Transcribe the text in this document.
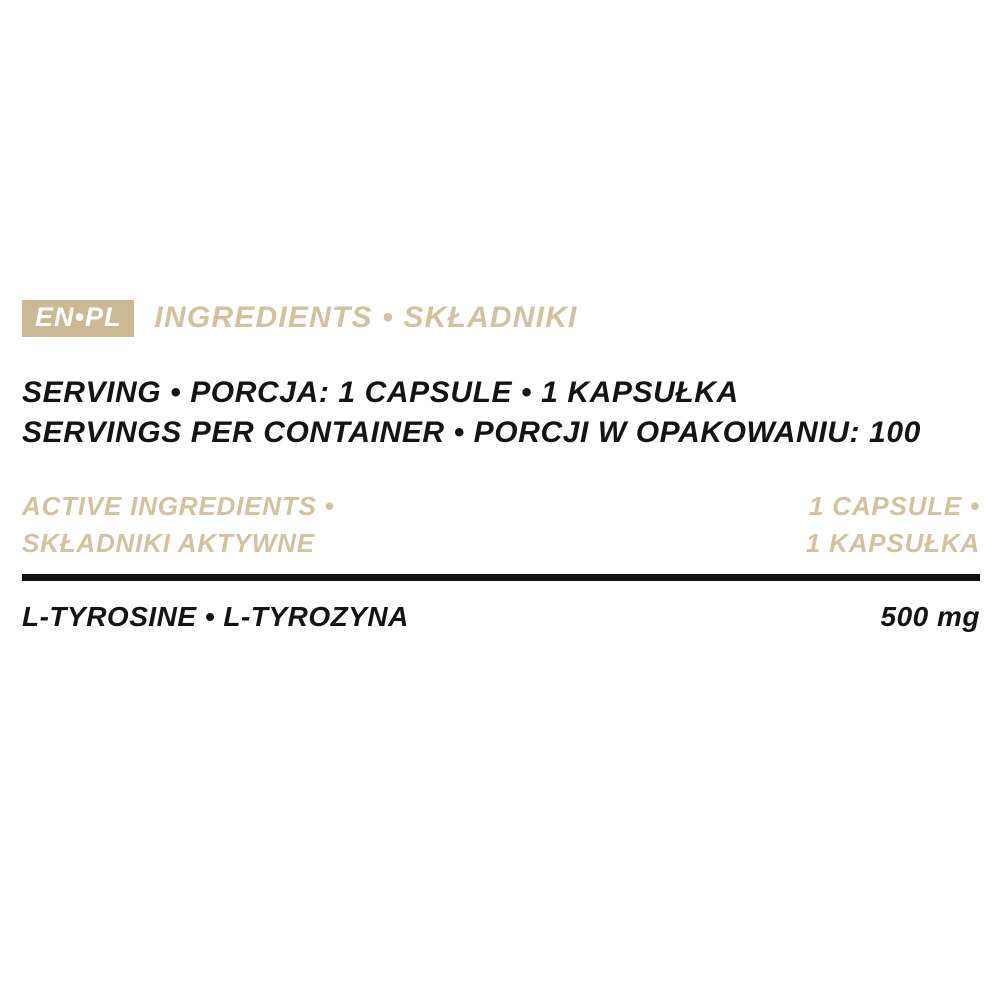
EN•PL	INGREDIENTS • SKŁADNIKI
SERVING • PORCJA: 1 CAPSULE • 1 KAPSUŁKA
SERVINGS PER CONTAINER • PORCJI W OPAKOWANIU: 100
ACTIVE INGREDIENTS •
SKŁADNIKI AKTYWNE
1 CAPSULE •
1 KAPSUŁKA
L-TYROSINE • L-TYROZYNA	500 mg
